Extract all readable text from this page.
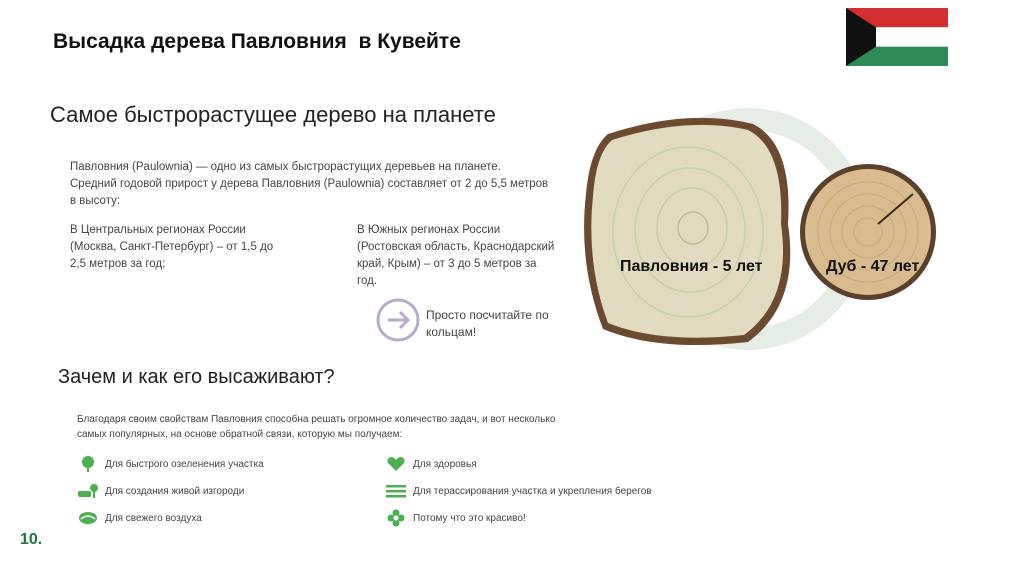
Высадка дерева Павловния  в Кувейте
Самое быстрорастущее дерево на планете
Павловния (Paulownia) — одно из самых быстрорастущих деревьев на планете. Средний годовой прирост у дерева Павловния (Paulownia) составляет от 2 до 5,5 метров в высоту:
В Центральных регионах России (Москва, Санкт-Петербург) – от 1,5 до 2,5 метров за год;
В Южных регионах России (Ростовская область, Краснодарский край, Крым) – от 3 до 5 метров за год.
Просто посчитайте по кольцам!
Павловния - 5 лет	Дуб - 47 лет
Зачем и как его высаживают?
Благодаря своим свойствам Павловния способна решать огромное количество задач, и вот несколько самых популярных, на основе обратной связи, которую мы получаем:
Для быстрого озеленения участка
Для создания живой изгороди
Для свежего воздуха
Для здоровья
Для терассирования участка и укрепления берегов
Потому что это красиво!
10.
